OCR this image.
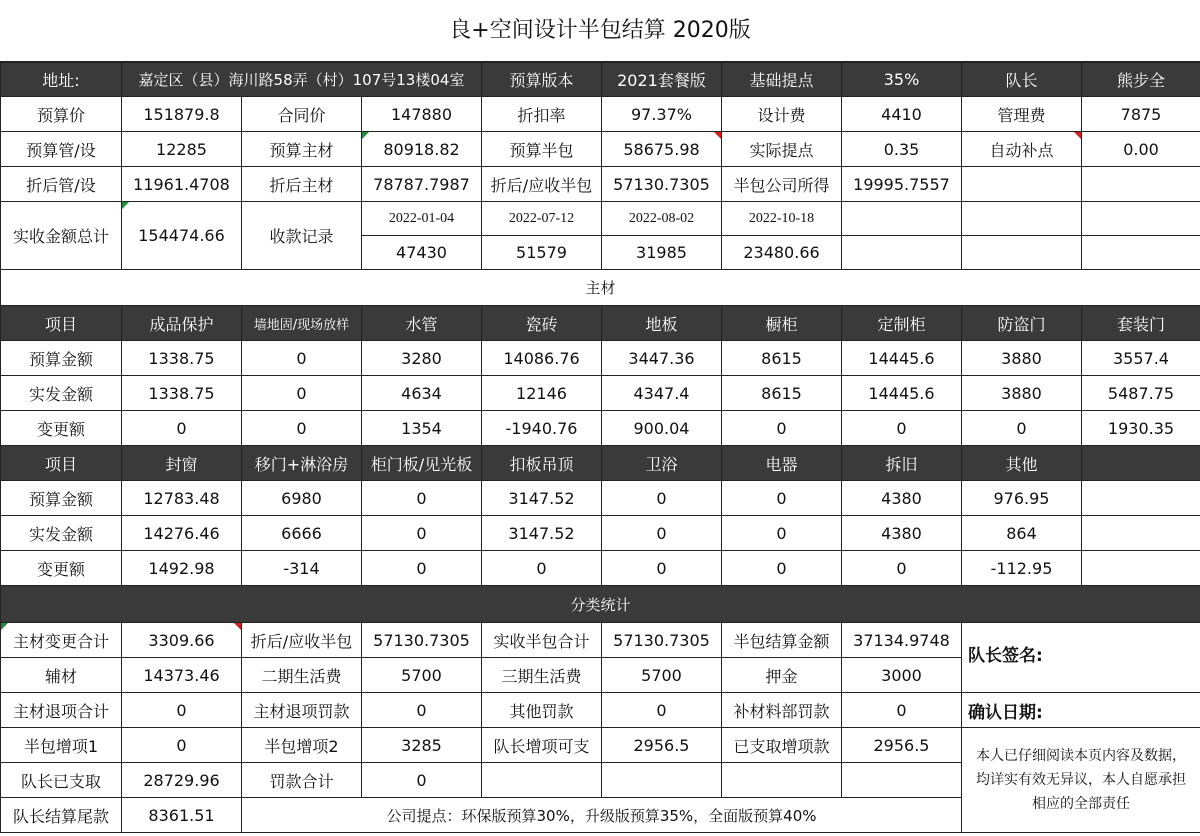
良+空间设计半包结算 2020版
地址:	嘉定区（县）海川路58弄（村）107号13楼04室			预算版本	2021套餐版	基础提点	35%	队长	熊步全
预算价	151879.8	合同价	147880	折扣率	97.37%	设计费	4410	管理费	7875
预算管/设	12285	预算主材	80918.82	预算半包	58675.98	实际提点	0.35	自动补点	0.00
折后管/设	11961.4708	折后主材	78787.7987	折后/应收半包	57130.7305	半包公司所得	19995.7557		
实收金额总计	154474.66	收款记录	2022-01-04	2022-07-12	2022-08-02	2022-10-18			
			47430	51579	31985	23480.66			
主材									
项目	成品保护	墙地固/现场放样	水管	瓷砖	地板	橱柜	定制柜	防盗门	套装门
预算金额	1338.75	0	3280	14086.76	3447.36	8615	14445.6	3880	3557.4
实发金额	1338.75	0	4634	12146	4347.4	8615	14445.6	3880	5487.75
变更额	0	0	1354	-1940.76	900.04	0	0	0	1930.35
项目	封窗	移门+淋浴房	柜门板/见光板	扣板吊顶	卫浴	电器	拆旧	其他	
预算金额	12783.48	6980	0	3147.52	0	0	4380	976.95	
实发金额	14276.46	6666	0	3147.52	0	0	4380	864	
变更额	1492.98	-314	0	0	0	0	0	-112.95	
分类统计									
主材变更合计	3309.66	折后/应收半包	57130.7305	实收半包合计	57130.7305	半包结算金额	37134.9748	队长签名:	
辅材	14373.46	二期生活费	5700	三期生活费	5700	押金	3000		
主材退项合计	0	主材退项罚款	0	其他罚款	0	补材料部罚款	0	确认日期:	
半包增项1	0	半包增项2	3285	队长增项可支	2956.5	已支取增项款	2956.5	本人已仔细阅读本页内容及数据，均详实有效无异议，本人自愿承担相应的全部责任	
队长已支取	28729.96	罚款合计	0						
队长结算尾款	8361.51	公司提点：环保版预算30%，升级版预算35%，全面版预算40%							
